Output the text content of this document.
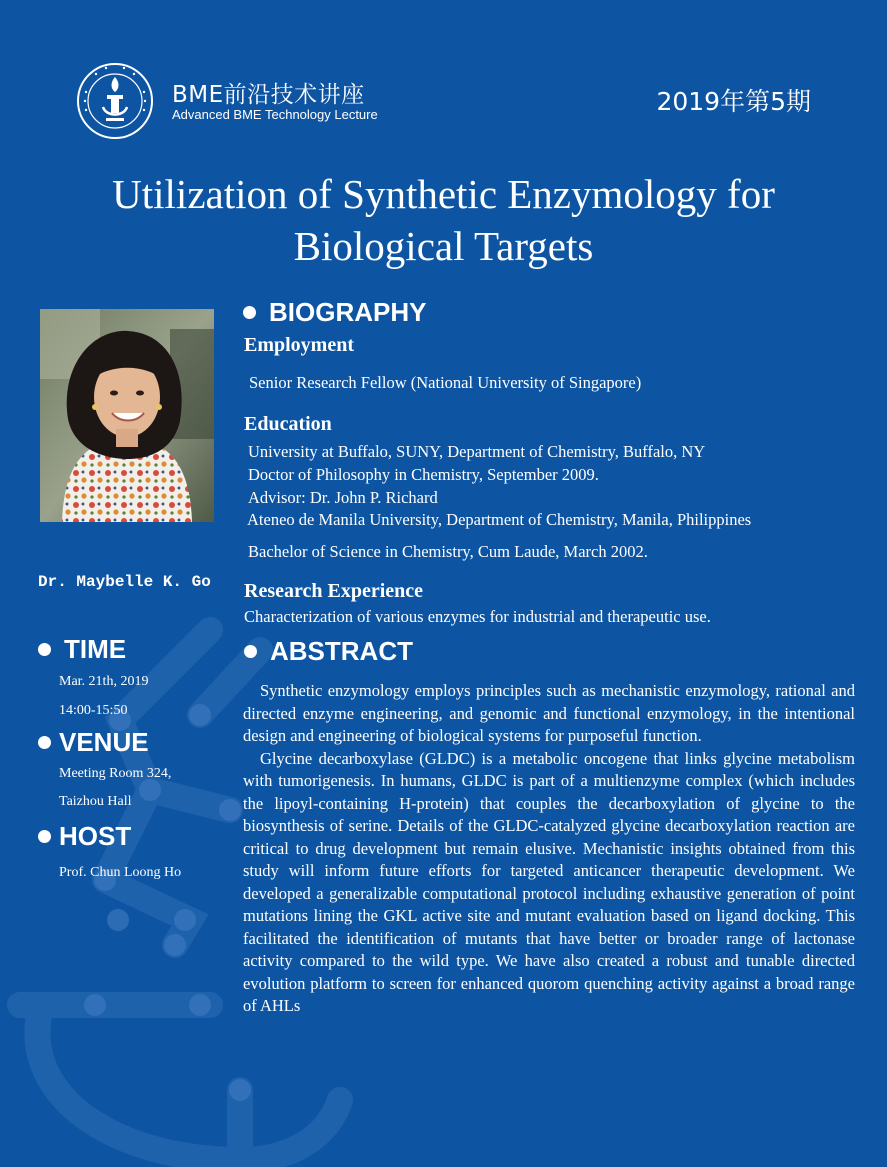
BME前沿技术讲座
Advanced BME Technology Lecture	2019年第5期
Utilization of Synthetic Enzymology for Biological Targets
Dr. Maybelle K. Go
TIME
Mar. 21th, 2019
14:00-15:50
VENUE
Meeting Room 324,
Taizhou Hall
HOST
Prof. Chun Loong Ho
BIOGRAPHY
Employment
Senior Research Fellow (National University of Singapore)
Education
University at Buffalo, SUNY, Department of Chemistry, Buffalo, NY
Doctor of Philosophy in Chemistry, September 2009.
Advisor: Dr. John P. Richard
Ateneo de Manila University, Department of Chemistry, Manila, Philippines
Bachelor of Science in Chemistry, Cum Laude, March 2002.
Research Experience
Characterization of various enzymes for industrial and therapeutic use.
ABSTRACT

Synthetic enzymology employs principles such as mechanistic enzymology, rational and directed enzyme engineering, and genomic and functional enzymology, in the intentional design and engineering of biological systems for purposeful function.

Glycine decarboxylase (GLDC) is a metabolic oncogene that links glycine metabolism with tumorigenesis. In humans, GLDC is part of a multienzyme complex (which includes the lipoyl-containing H-protein) that couples the decarboxylation of glycine to the biosynthesis of serine. Details of the GLDC-catalyzed glycine decarboxylation reaction are critical to drug development but remain elusive. Mechanistic insights obtained from this study will inform future efforts for targeted anticancer therapeutic development. We developed a generalizable computational protocol including exhaustive generation of point mutations lining the GKL active site and mutant evaluation based on ligand docking. This facilitated the identification of mutants that have better or broader range of lactonase activity compared to the wild type. We have also created a robust and tunable directed evolution platform to screen for enhanced quorom quenching activity against a broad range of AHLs
